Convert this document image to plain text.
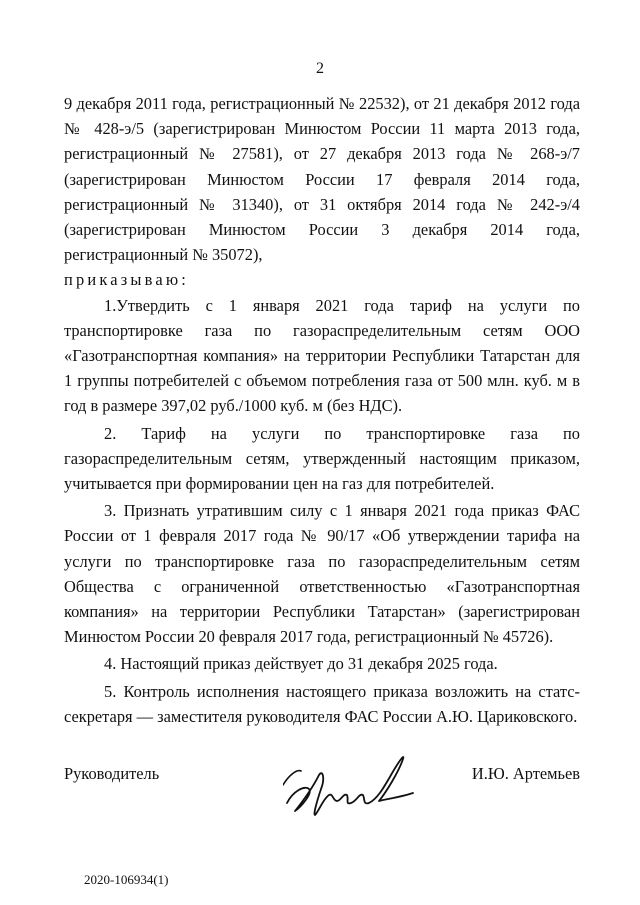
2

9 декабря 2011 года, регистрационный № 22532), от 21 декабря 2012 года № 428-э/5 (зарегистрирован Минюстом России 11 марта 2013 года, регистрационный № 27581), от 27 декабря 2013 года № 268-э/7 (зарегистрирован Минюстом России 17 февраля 2014 года, регистрационный № 31340), от 31 октября 2014 года № 242-э/4 (зарегистрирован Минюстом России 3 декабря 2014 года, регистрационный № 35072),

приказываю:

1.Утвердить с 1 января 2021 года тариф на услуги по транспортировке газа по газораспределительным сетям ООО «Газотранспортная компания» на территории Республики Татарстан для 1 группы потребителей с объемом потребления газа от 500 млн. куб. м в год в размере 397,02 руб./1000 куб. м (без НДС).

2. Тариф на услуги по транспортировке газа по газораспределительным сетям, утвержденный настоящим приказом, учитывается при формировании цен на газ для потребителей.

3. Признать утратившим силу с 1 января 2021 года приказ ФАС России от 1 февраля 2017 года № 90/17 «Об утверждении тарифа на услуги по транспортировке газа по газораспределительным сетям Общества с ограниченной ответственностью «Газотранспортная компания» на территории Республики Татарстан» (зарегистрирован Минюстом России 20 февраля 2017 года, регистрационный № 45726).

4. Настоящий приказ действует до 31 декабря 2025 года.

5. Контроль исполнения настоящего приказа возложить на статс-секретаря — заместителя руководителя ФАС России А.Ю. Цариковского.

Руководитель	И.Ю. Артемьев
2020-106934(1)
